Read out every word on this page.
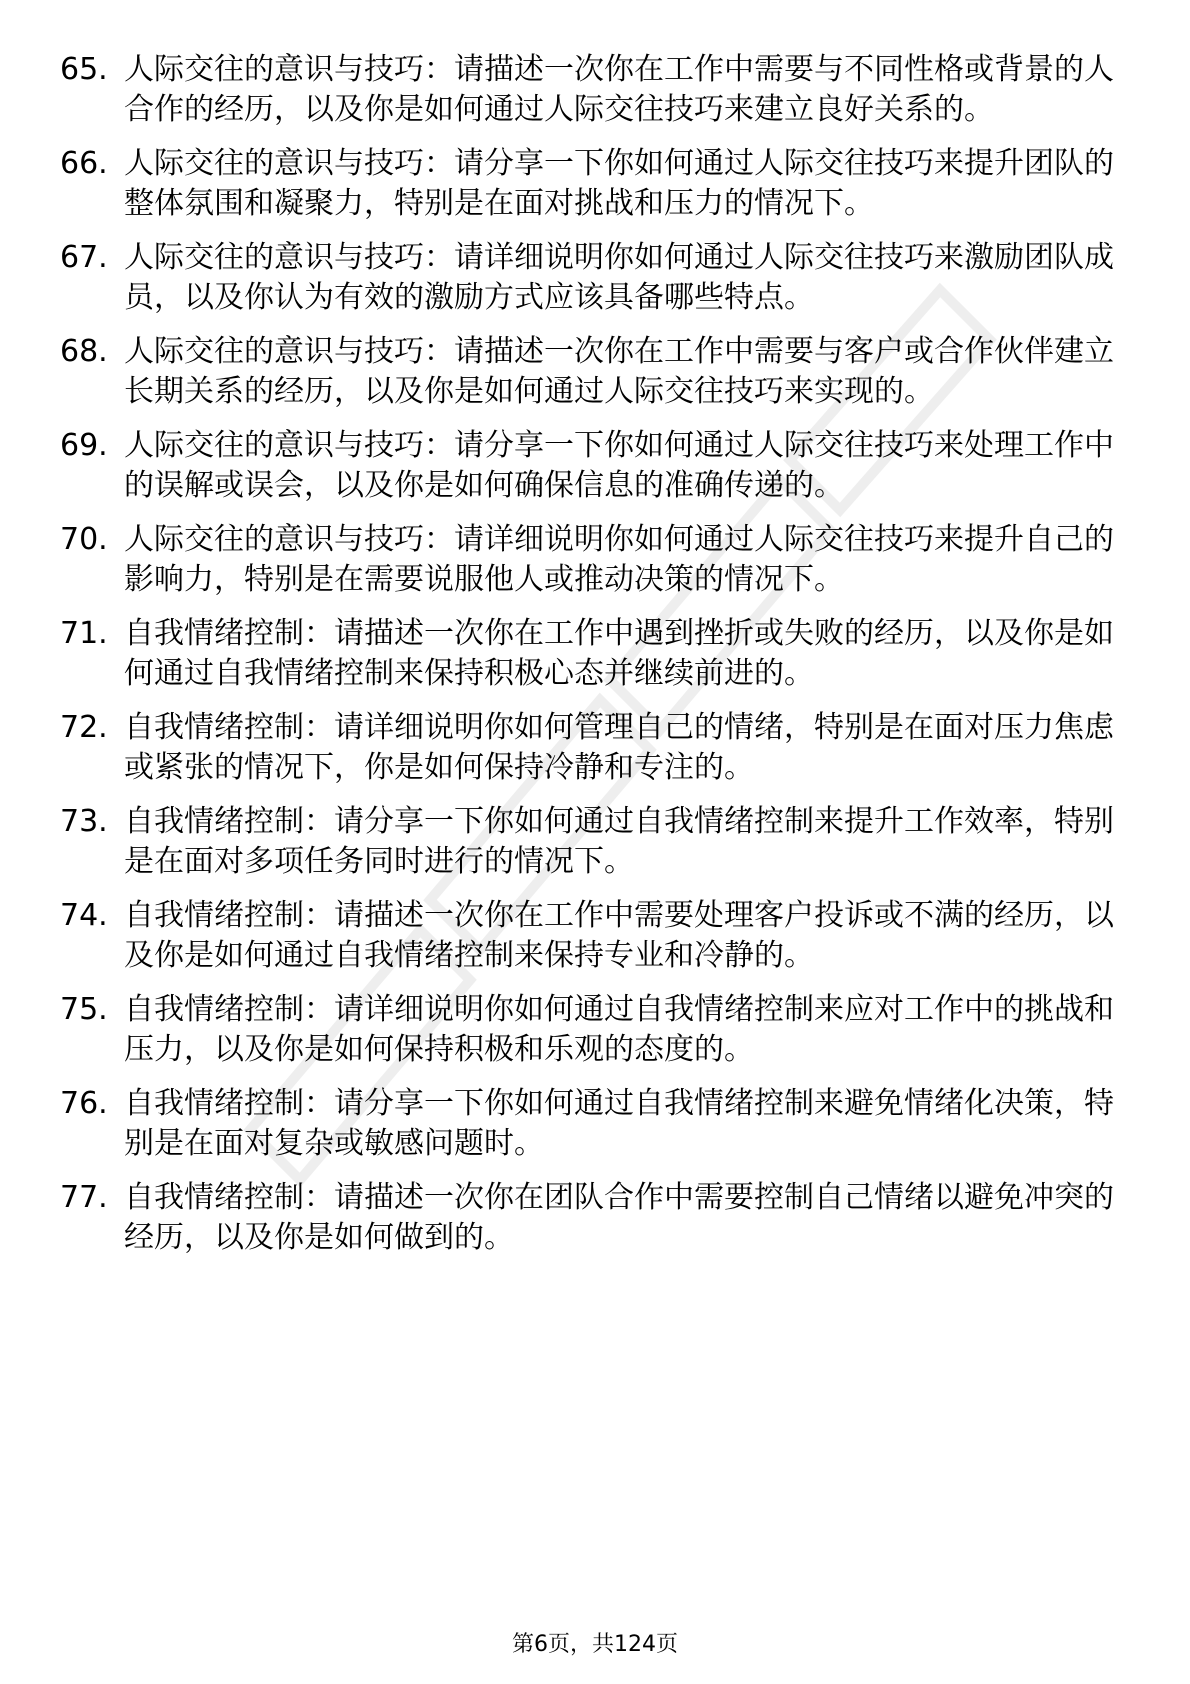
65. 人际交往的意识与技巧：请描述一次你在工作中需要与不同性格或背景的人合作的经历，以及你是如何通过人际交往技巧来建立良好关系的。
66. 人际交往的意识与技巧：请分享一下你如何通过人际交往技巧来提升团队的整体氛围和凝聚力，特别是在面对挑战和压力的情况下。
67. 人际交往的意识与技巧：请详细说明你如何通过人际交往技巧来激励团队成员，以及你认为有效的激励方式应该具备哪些特点。
68. 人际交往的意识与技巧：请描述一次你在工作中需要与客户或合作伙伴建立长期关系的经历，以及你是如何通过人际交往技巧来实现的。
69. 人际交往的意识与技巧：请分享一下你如何通过人际交往技巧来处理工作中的误解或误会，以及你是如何确保信息的准确传递的。
70. 人际交往的意识与技巧：请详细说明你如何通过人际交往技巧来提升自己的影响力，特别是在需要说服他人或推动决策的情况下。
71. 自我情绪控制：请描述一次你在工作中遇到挫折或失败的经历，以及你是如何通过自我情绪控制来保持积极心态并继续前进的。
72. 自我情绪控制：请详细说明你如何管理自己的情绪，特别是在面对压力焦虑或紧张的情况下，你是如何保持冷静和专注的。
73. 自我情绪控制：请分享一下你如何通过自我情绪控制来提升工作效率，特别是在面对多项任务同时进行的情况下。
74. 自我情绪控制：请描述一次你在工作中需要处理客户投诉或不满的经历，以及你是如何通过自我情绪控制来保持专业和冷静的。
75. 自我情绪控制：请详细说明你如何通过自我情绪控制来应对工作中的挑战和压力，以及你是如何保持积极和乐观的态度的。
76. 自我情绪控制：请分享一下你如何通过自我情绪控制来避免情绪化决策，特别是在面对复杂或敏感问题时。
77. 自我情绪控制：请描述一次你在团队合作中需要控制自己情绪以避免冲突的经历，以及你是如何做到的。
第6页，共124页
